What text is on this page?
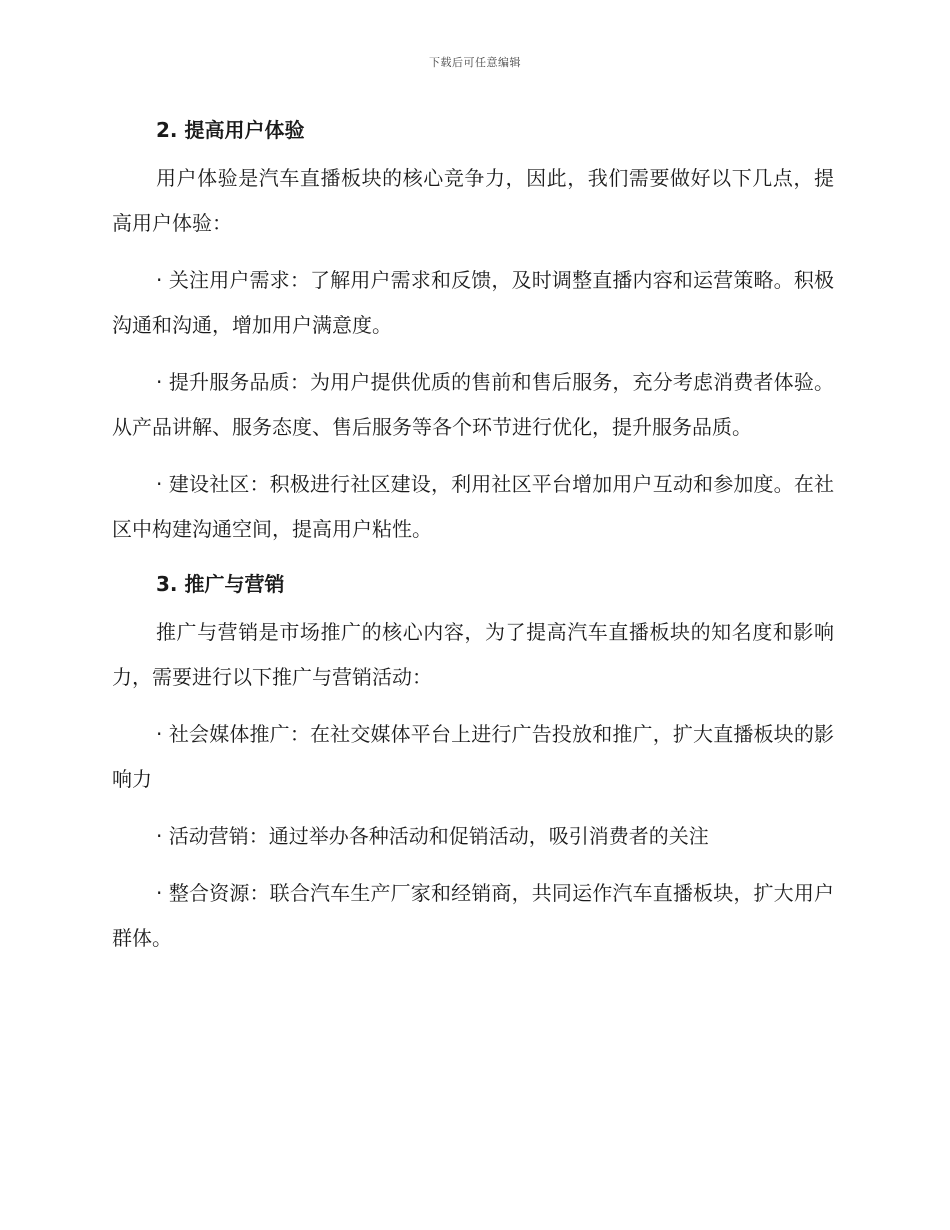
下载后可任意编辑
2. 提高用户体验

用户体验是汽车直播板块的核心竞争力，因此，我们需要做好以下几点，提高用户体验：

· 关注用户需求：了解用户需求和反馈，及时调整直播内容和运营策略。积极沟通和沟通，增加用户满意度。

· 提升服务品质：为用户提供优质的售前和售后服务，充分考虑消费者体验。从产品讲解、服务态度、售后服务等各个环节进行优化，提升服务品质。

· 建设社区：积极进行社区建设，利用社区平台增加用户互动和参加度。在社区中构建沟通空间，提高用户粘性。

3. 推广与营销

推广与营销是市场推广的核心内容，为了提高汽车直播板块的知名度和影响力，需要进行以下推广与营销活动：

· 社会媒体推广：在社交媒体平台上进行广告投放和推广，扩大直播板块的影响力

· 活动营销：通过举办各种活动和促销活动，吸引消费者的关注

· 整合资源：联合汽车生产厂家和经销商，共同运作汽车直播板块，扩大用户群体。
